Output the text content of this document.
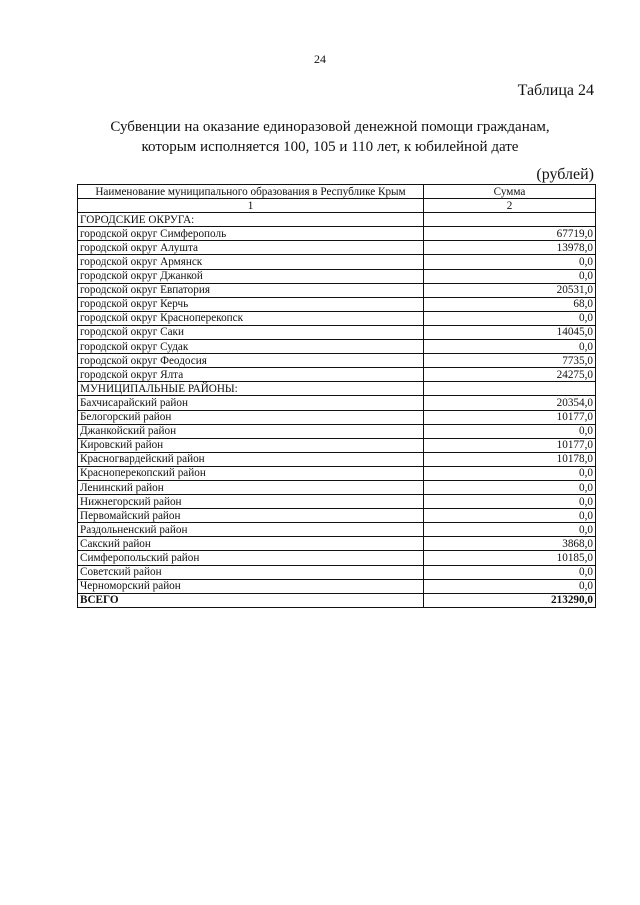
24
Таблица 24
Субвенции на оказание единоразовой денежной помощи гражданам,
которым исполняется 100, 105 и 110 лет, к юбилейной дате
(рублей)
Наименование муниципального образования в Республике Крым	Сумма
1	2
ГОРОДСКИЕ ОКРУГА:	
городской округ Симферополь	67719,0
городской округ Алушта	13978,0
городской округ Армянск	0,0
городской округ Джанкой	0,0
городской округ Евпатория	20531,0
городской округ Керчь	68,0
городской округ Красноперекопск	0,0
городской округ Саки	14045,0
городской округ Судак	0,0
городской округ Феодосия	7735,0
городской округ Ялта	24275,0
МУНИЦИПАЛЬНЫЕ РАЙОНЫ:	
Бахчисарайский район	20354,0
Белогорский район	10177,0
Джанкойский район	0,0
Кировский район	10177,0
Красногвардейский район	10178,0
Красноперекопский район	0,0
Ленинский район	0,0
Нижнегорский район	0,0
Первомайский район	0,0
Раздольненский район	0,0
Сакский район	3868,0
Симферопольский район	10185,0
Советский район	0,0
Черноморский район	0,0
ВСЕГО	213290,0
